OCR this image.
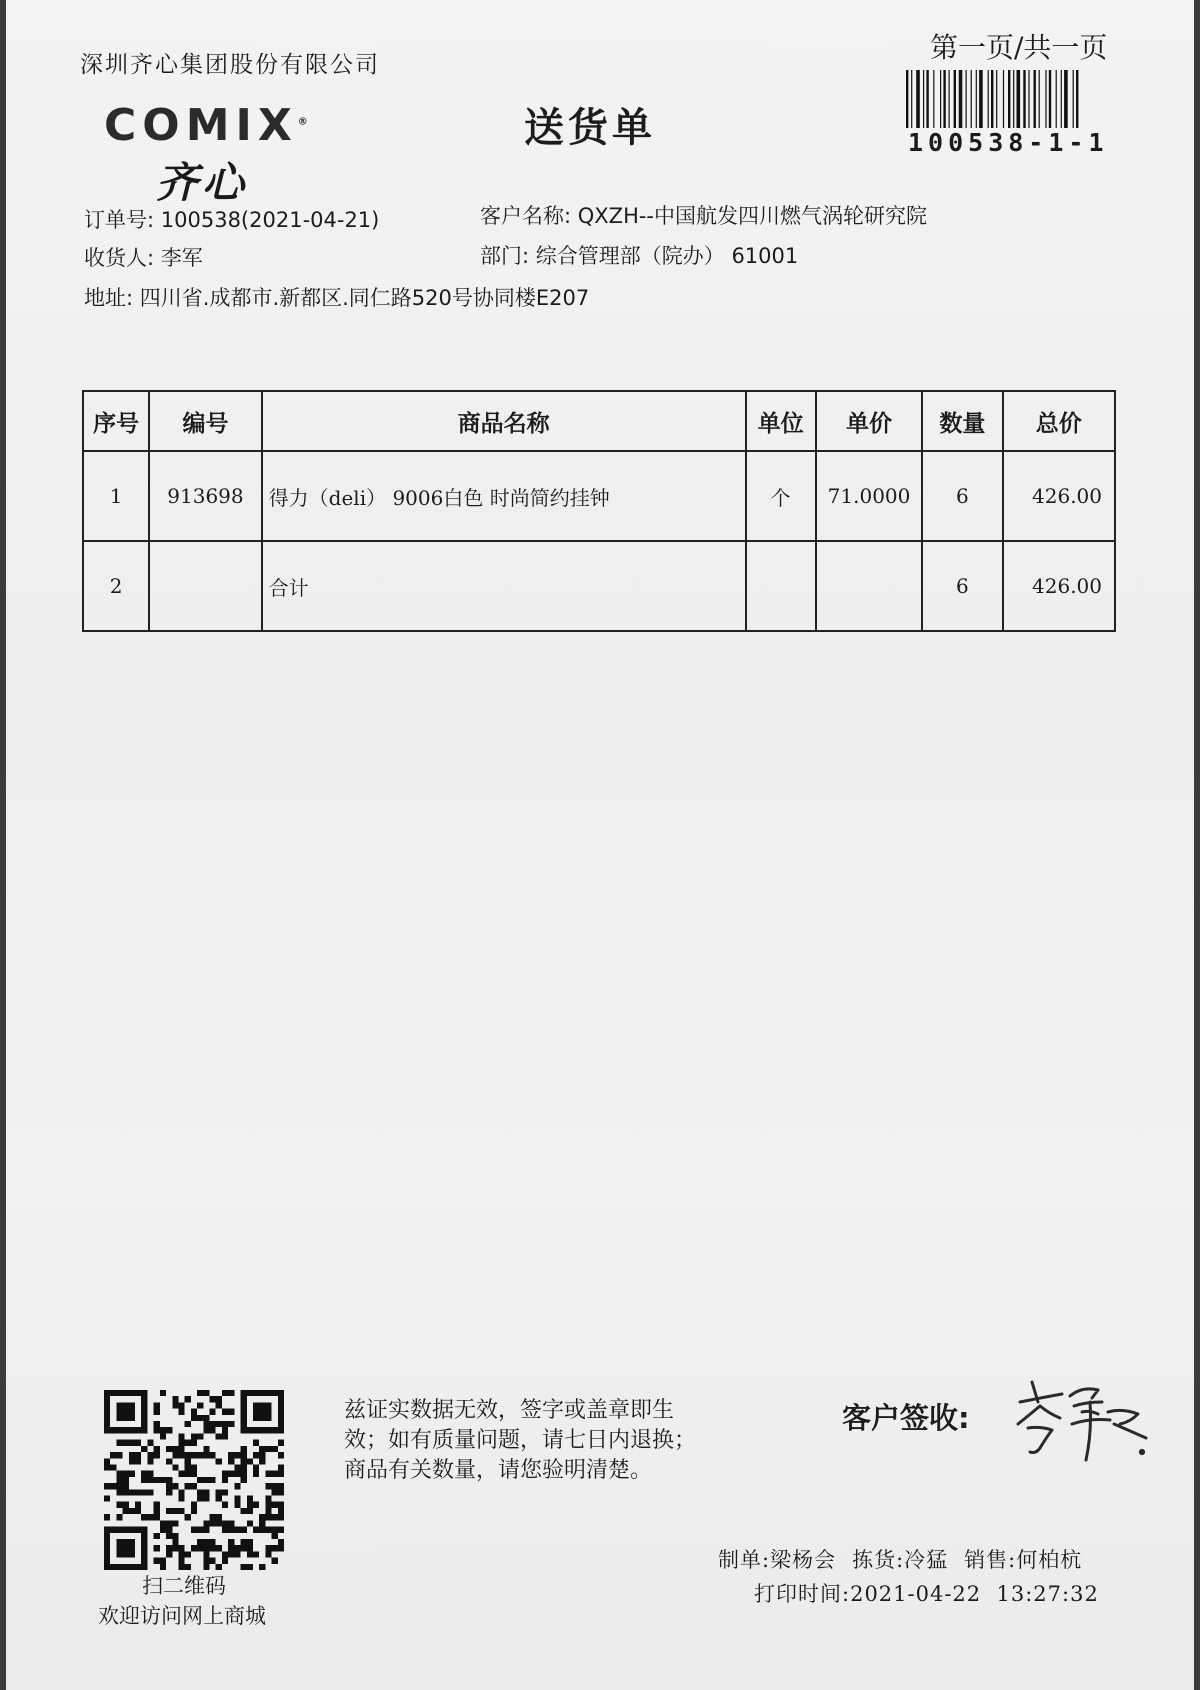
深圳齐心集团股份有限公司
COMIX®
齐心
送货单
第一页/共一页
100538-1-1
订单号: 100538(2021-04-21)
收货人: 李军
地址: 四川省.成都市.新都区.同仁路520号协同楼E207
客户名称: QXZH--中国航发四川燃气涡轮研究院
部门: 综合管理部（院办） 61001
序号	编号	商品名称	单位	单价	数量	总价
1	913698	得力（deli） 9006白色 时尚简约挂钟	个	71.0000	6	426.00
2		合计			6	426.00
扫二维码
欢迎访问网上商城
兹证实数据无效，签字或盖章即生
效；如有质量问题，请七日内退换；
商品有关数量，请您验明清楚。
客户签收:
制单:梁杨会 拣货:冷猛 销售:何柏杭
打印时间:2021-04-22  13:27:32
